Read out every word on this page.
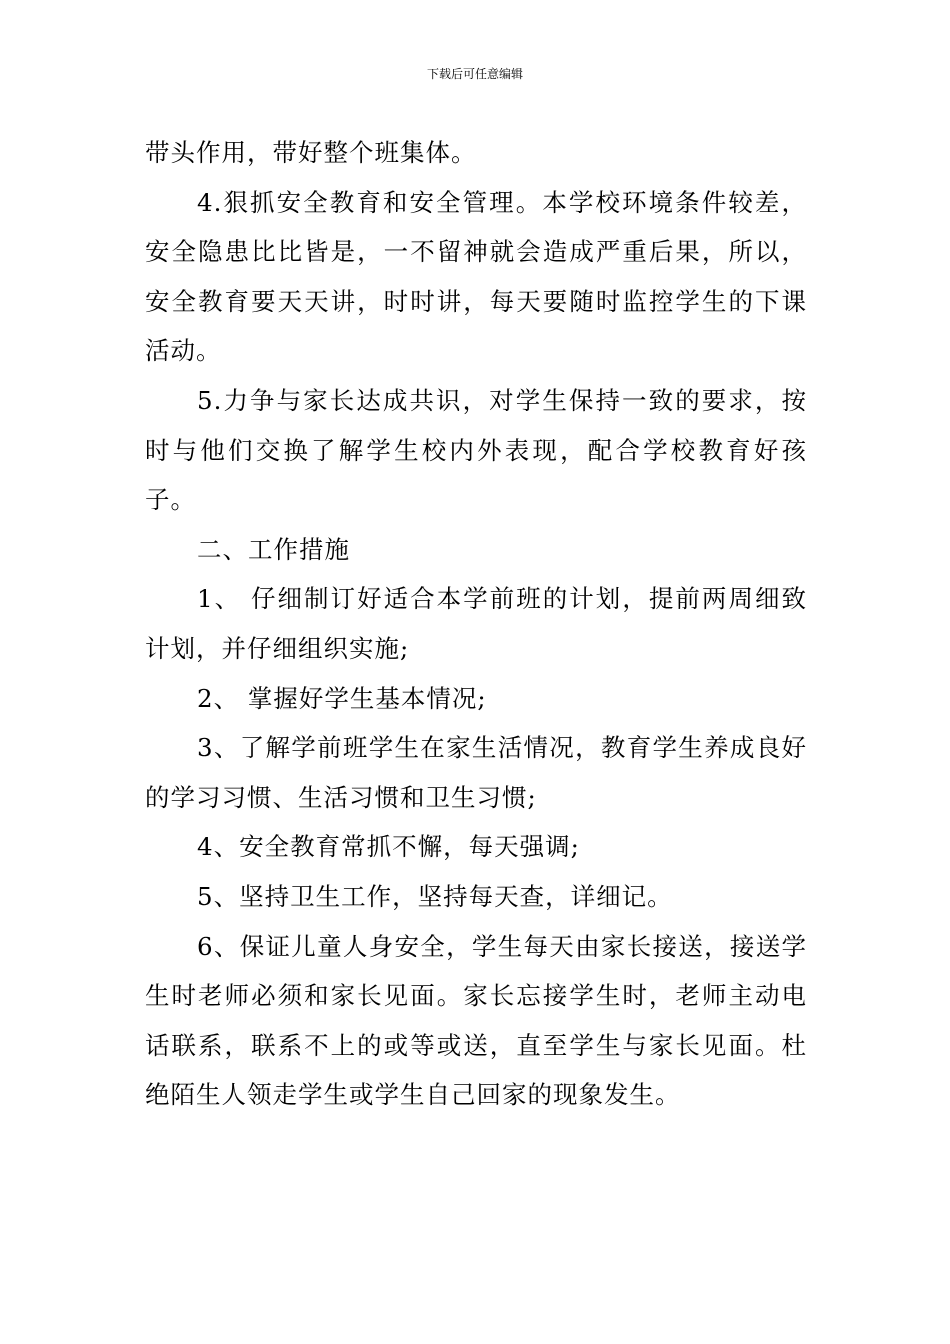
下载后可任意编辑

带头作用，带好整个班集体。

4.狠抓安全教育和安全管理。本学校环境条件较差，安全隐患比比皆是，一不留神就会造成严重后果，所以，安全教育要天天讲，时时讲，每天要随时监控学生的下课活动。

5.力争与家长达成共识，对学生保持一致的要求，按时与他们交换了解学生校内外表现，配合学校教育好孩子。

二、工作措施

1、 仔细制订好适合本学前班的计划，提前两周细致计划，并仔细组织实施;

2、 掌握好学生基本情况;

3、了解学前班学生在家生活情况，教育学生养成良好的学习习惯、生活习惯和卫生习惯;

4、安全教育常抓不懈，每天强调;

5、坚持卫生工作，坚持每天查，详细记。

6、保证儿童人身安全，学生每天由家长接送，接送学生时老师必须和家长见面。家长忘接学生时，老师主动电话联系，联系不上的或等或送，直至学生与家长见面。杜绝陌生人领走学生或学生自己回家的现象发生。
